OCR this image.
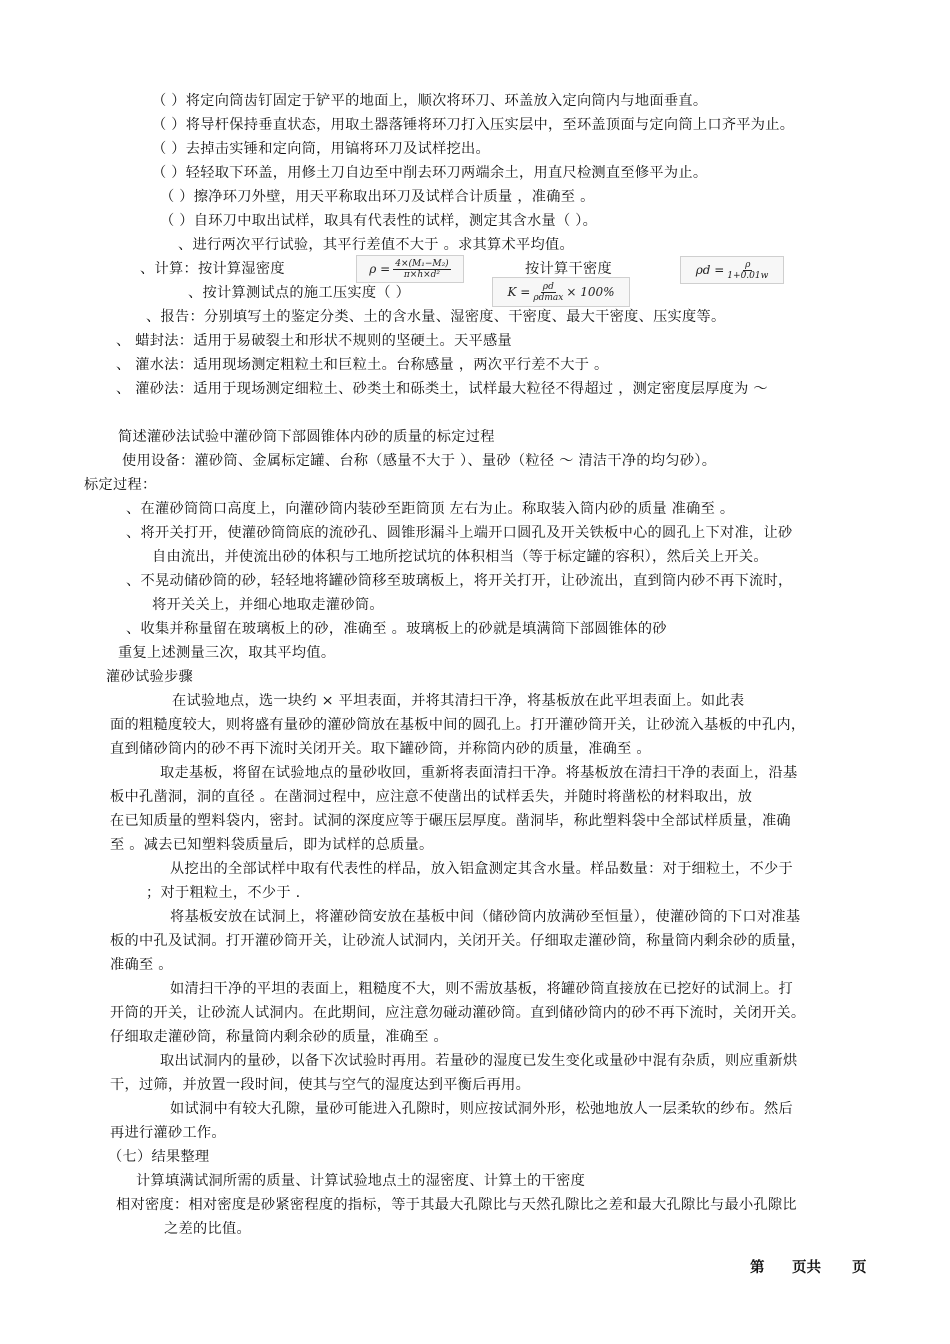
（ ）将定向筒齿钉固定于铲平的地面上，顺次将环刀、环盖放入定向筒内与地面垂直。
（ ）将导杆保持垂直状态，用取土器落锤将环刀打入压实层中，至环盖顶面与定向筒上口齐平为止。
（ ）去掉击实锤和定向筒，用镐将环刀及试样挖出。
（ ）轻轻取下环盖，用修土刀自边至中削去环刀两端余土，用直尺检测直至修平为止。
（ ）擦净环刀外壁，用天平称取出环刀及试样合计质量 ，准确至 。
（ ）自环刀中取出试样，取具有代表性的试样，测定其含水量（ ）。
、进行两次平行试验，其平行差值不大于 。求其算术平均值。
、计算：按计算湿密度	$\rho = \frac{\text{4×(M₁−M₂)}}{\text{π×h×d²}}$	按计算干密度	$\rho d = \frac{\rho}{1+0.01w}$
、按计算测试点的施工压实度（ ）	$K = \frac{\rho d}{\rho dmax} \times 100\%$
、报告：分别填写土的鉴定分类、土的含水量、湿密度、干密度、最大干密度、压实度等。
、 蜡封法：适用于易破裂土和形状不规则的坚硬土。天平感量
、 灌水法：适用现场测定粗粒土和巨粒土。台称感量 ，两次平行差不大于 。
、 灌砂法：适用于现场测定细粒土、砂类土和砾类土，试样最大粒径不得超过 ，测定密度层厚度为 ～
简述灌砂法试验中灌砂筒下部圆锥体内砂的质量的标定过程
使用设备：灌砂筒、金属标定罐、台称（感量不大于 ）、量砂（粒径 ～ 清洁干净的均匀砂）。
标定过程：
、在灌砂筒筒口高度上，向灌砂筒内装砂至距筒顶 左右为止。称取装入筒内砂的质量 准确至 。
、将开关打开，使灌砂筒筒底的流砂孔、圆锥形漏斗上端开口圆孔及开关铁板中心的圆孔上下对准，让砂
自由流出，并使流出砂的体积与工地所挖试坑的体积相当（等于标定罐的容积），然后关上开关。
、不晃动储砂筒的砂，轻轻地将罐砂筒移至玻璃板上，将开关打开，让砂流出，直到筒内砂不再下流时，
将开关关上，并细心地取走灌砂筒。
、收集并称量留在玻璃板上的砂，准确至 。玻璃板上的砂就是填满筒下部圆锥体的砂
重复上述测量三次，取其平均值。
灌砂试验步骤
在试验地点，选一块约 × 平坦表面，并将其清扫干净，将基板放在此平坦表面上。如此表
面的粗糙度较大，则将盛有量砂的灌砂筒放在基板中间的圆孔上。打开灌砂筒开关，让砂流入基板的中孔内，
直到储砂筒内的砂不再下流时关闭开关。取下罐砂筒，并称筒内砂的质量，准确至 。
取走基板，将留在试验地点的量砂收回，重新将表面清扫干净。将基板放在清扫干净的表面上，沿基
板中孔凿洞，洞的直径 。在凿洞过程中，应注意不使凿出的试样丢失，并随时将凿松的材料取出，放
在已知质量的塑料袋内，密封。试洞的深度应等于碾压层厚度。凿洞毕，称此塑料袋中全部试样质量，准确
至 。减去已知塑料袋质量后，即为试样的总质量。
从挖出的全部试样中取有代表性的样品，放入铝盒测定其含水量。样品数量：对于细粒土，不少于
；对于粗粒土，不少于 .
将基板安放在试洞上，将灌砂筒安放在基板中间（储砂筒内放满砂至恒量），使灌砂筒的下口对准基
板的中孔及试洞。打开灌砂筒开关，让砂流人试洞内，关闭开关。仔细取走灌砂筒，称量筒内剩余砂的质量，
准确至 。
如清扫干净的平坦的表面上，粗糙度不大，则不需放基板，将罐砂筒直接放在已挖好的试洞上。打
开筒的开关，让砂流人试洞内。在此期间，应注意勿碰动灌砂筒。直到储砂筒内的砂不再下流时，关闭开关。
仔细取走灌砂筒，称量筒内剩余砂的质量，准确至 。
取出试洞内的量砂，以备下次试验时再用。若量砂的湿度已发生变化或量砂中混有杂质，则应重新烘
干，过筛，并放置一段时间，使其与空气的湿度达到平衡后再用。
如试洞中有较大孔隙，量砂可能进入孔隙时，则应按试洞外形，松弛地放人一层柔软的纱布。然后
再进行灌砂工作。
（七）结果整理
计算填满试洞所需的质量、计算试验地点土的湿密度、计算土的干密度
相对密度：相对密度是砂紧密程度的指标，等于其最大孔隙比与天然孔隙比之差和最大孔隙比与最小孔隙比
之差的比值。
第 页共 页
